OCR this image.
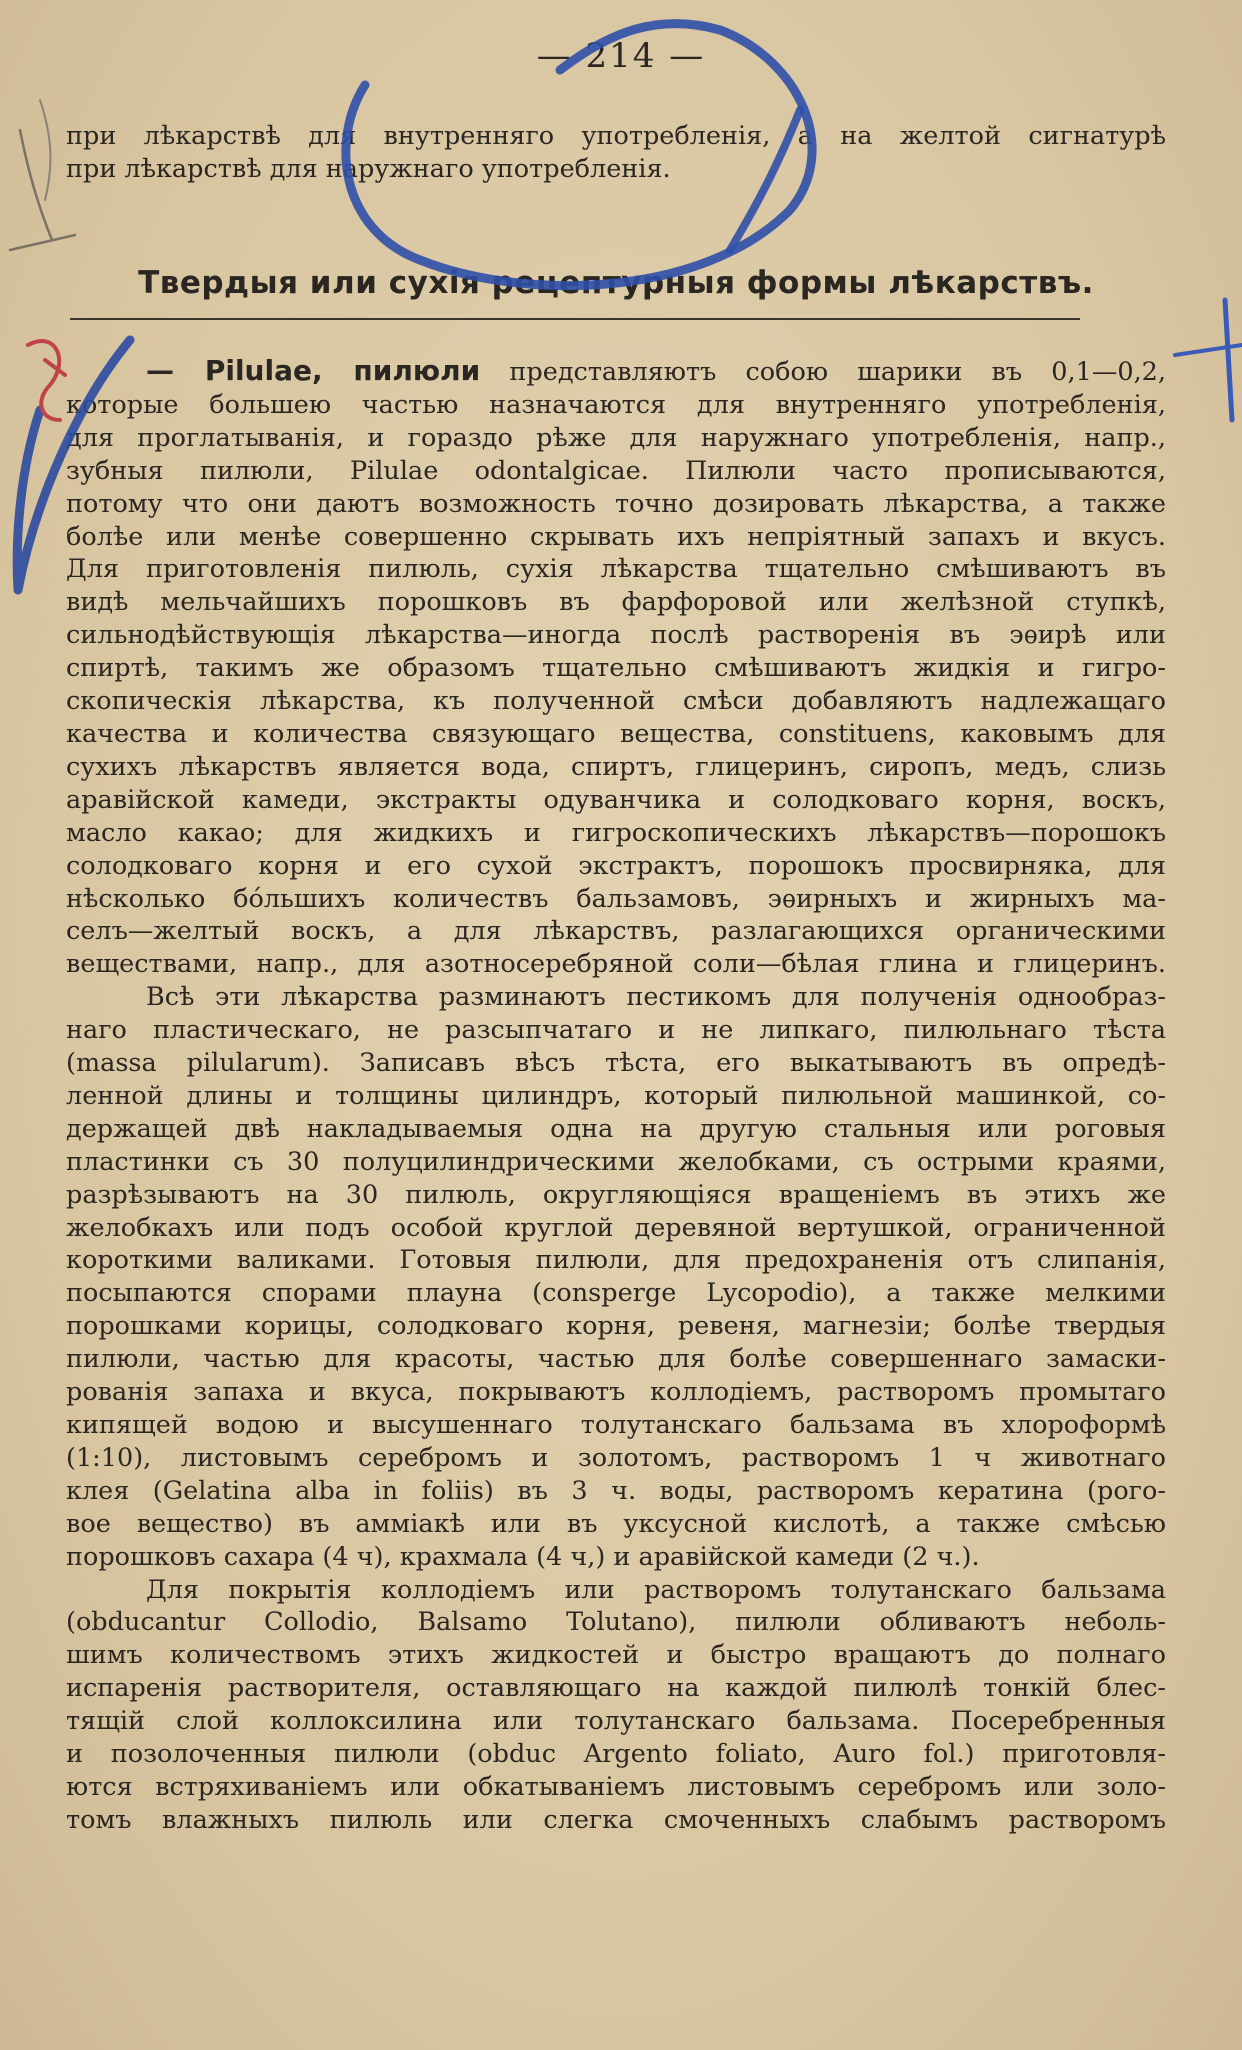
— 214 —
при лѣкарствѣ для внутренняго употребленія, а на желтой сигнатурѣ
при лѣкарствѣ для наружнаго употребленія.
Твердыя или сухія рецептурныя формы лѣкарствъ.
— Pilulae, пилюли представляютъ собою шарики въ 0,1—0,2,
которые большею частью назначаются для внутренняго употребленія,
для проглатыванія, и гораздо рѣже для наружнаго употребленія, напр.,
зубныя пилюли, Pilulae odontalgicae. Пилюли часто прописываются,
потому что они даютъ возможность точно дозировать лѣкарства, а также
болѣе или менѣе совершенно скрывать ихъ непріятный запахъ и вкусъ.
Для приготовленія пилюль, сухія лѣкарства тщательно смѣшиваютъ въ
видѣ мельчайшихъ порошковъ въ фарфоровой или желѣзной ступкѣ,
сильнодѣйствующія лѣкарства—иногда послѣ растворенія въ эѳирѣ или
спиртѣ, такимъ же образомъ тщательно смѣшиваютъ жидкія и гигро-
скопическія лѣкарства, къ полученной смѣси добавляютъ надлежащаго
качества и количества связующаго вещества, constituens, каковымъ для
сухихъ лѣкарствъ является вода, спиртъ, глицеринъ, сиропъ, медъ, слизь
аравійской камеди, экстракты одуванчика и солодковаго корня, воскъ,
масло какао; для жидкихъ и гигроскопическихъ лѣкарствъ—порошокъ
солодковаго корня и его сухой экстрактъ, порошокъ просвирняка, для
нѣсколько бóльшихъ количествъ бальзамовъ, эѳирныхъ и жирныхъ ма-
селъ—желтый воскъ, а для лѣкарствъ, разлагающихся органическими
веществами, напр., для азотносеребряной соли—бѣлая глина и глицеринъ.
Всѣ эти лѣкарства разминаютъ пестикомъ для полученія однообраз-
наго пластическаго, не разсыпчатаго и не липкаго, пилюльнаго тѣста
(massa pilularum). Записавъ вѣсъ тѣста, его выкатываютъ въ опредѣ-
ленной длины и толщины цилиндръ, который пилюльной машинкой, со-
держащей двѣ накладываемыя одна на другую стальныя или роговыя
пластинки съ 30 полуцилиндрическими желобками, съ острыми краями,
разрѣзываютъ на 30 пилюль, округляющіяся вращеніемъ въ этихъ же
желобкахъ или подъ особой круглой деревяной вертушкой, ограниченной
короткими валиками. Готовыя пилюли, для предохраненія отъ слипанія,
посыпаются спорами плауна (consperge Lycopodio), а также мелкими
порошками корицы, солодковаго корня, ревеня, магнезіи; болѣе твердыя
пилюли, частью для красоты, частью для болѣе совершеннаго замаски-
рованія запаха и вкуса, покрываютъ коллодіемъ, растворомъ промытаго
кипящей водою и высушеннаго толутанскаго бальзама въ хлороформѣ
(1:10), листовымъ серебромъ и золотомъ, растворомъ 1 ч животнаго
клея (Gelatina alba in foliis) въ 3 ч. воды, растворомъ кератина (рого-
вое вещество) въ амміакѣ или въ уксусной кислотѣ, а также смѣсью
порошковъ сахара (4 ч), крахмала (4 ч,) и аравійской камеди (2 ч.).
Для покрытія коллодіемъ или растворомъ толутанскаго бальзама
(obducantur Collodio, Balsamo Tolutano), пилюли обливаютъ неболь-
шимъ количествомъ этихъ жидкостей и быстро вращаютъ до полнаго
испаренія растворителя, оставляющаго на каждой пилюлѣ тонкій блес-
тящій слой коллоксилина или толутанскаго бальзама. Посеребренныя
и позолоченныя пилюли (obduc Argento foliato, Auro fol.) приготовля-
ются встряхиваніемъ или обкатываніемъ листовымъ серебромъ или золо-
томъ влажныхъ пилюль или слегка смоченныхъ слабымъ растворомъ
